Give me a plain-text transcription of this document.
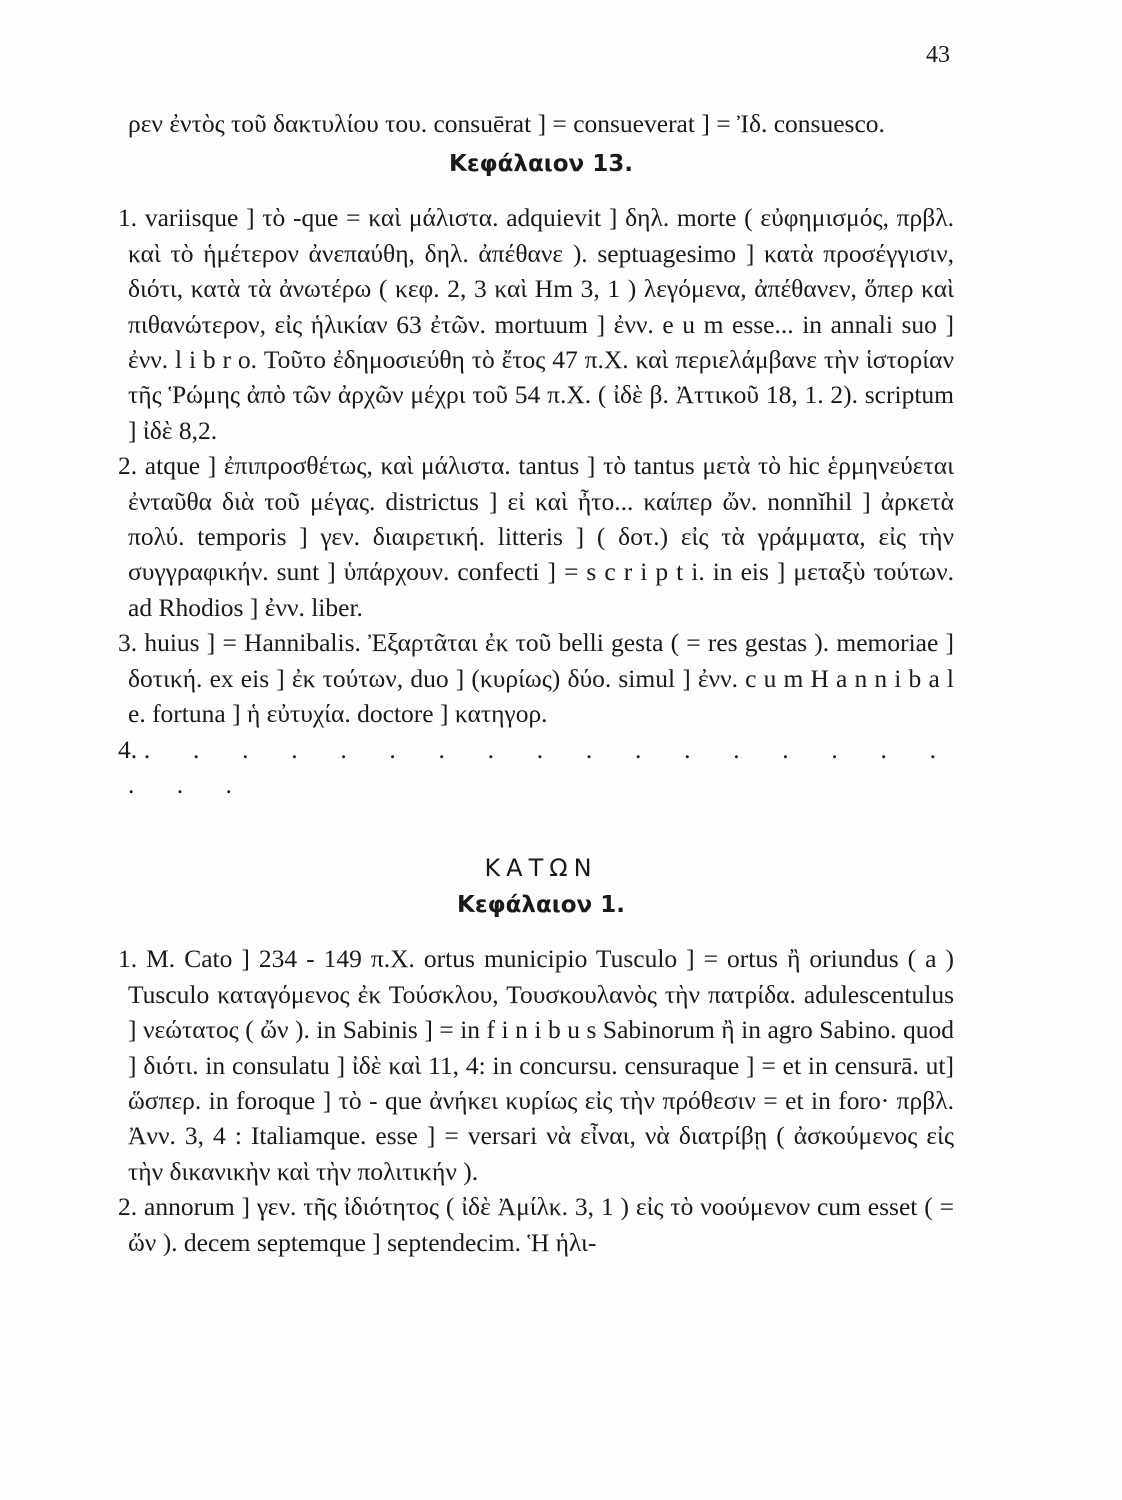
43

ρεν ἐντὸς τοῦ δακτυλίου του. consuērat ] = consueverat ] = Ἰδ. consuesco.

Κεφάλαιον 13.

1. variisque ] τὸ -que = καὶ μάλιστα. adquievit ] δηλ. morte ( εὐφημισμός, πρβλ. καὶ τὸ ἡμέτερον ἀνεπαύθη, δηλ. ἀπέθανε ). septuagesimo ] κατὰ προσέγγισιν, διότι, κατὰ τὰ ἀνωτέρω ( κεφ. 2, 3 καὶ Hm 3, 1 ) λεγόμενα, ἀπέθανεν, ὅπερ καὶ πιθανώτερον, εἰς ἡλικίαν 63 ἐτῶν. mortuum ] ἐνν. e u m esse... in annali suo ] ἐνν. l i b r o. Τοῦτο ἐδημοσιεύθη τὸ ἔτος 47 π.Χ. καὶ περιελάμβανε τὴν ἱστορίαν τῆς Ῥώμης ἀπὸ τῶν ἀρχῶν μέχρι τοῦ 54 π.Χ. ( ἰδὲ β. Ἀττικοῦ 18, 1. 2). scriptum ] ἰδὲ 8,2.

2. atque ] ἐπιπροσθέτως, καὶ μάλιστα. tantus ] τὸ tantus μετὰ τὸ hic ἑρμηνεύεται ἐνταῦθα διὰ τοῦ μέγας. districtus ] εἰ καὶ ἦτο... καίπερ ὤν. nonnĭhil ] ἀρκετὰ πολύ. temporis ] γεν. διαιρετική. litteris ] ( δοτ.) εἰς τὰ γράμματα, εἰς τὴν συγγραφικήν. sunt ] ὑπάρχουν. confecti ] = s c r i p t i. in eis ] μεταξὺ τούτων. ad Rhodios ] ἐνν. liber.

3. huius ] = Hannibalis. Ἐξαρτᾶται ἐκ τοῦ belli gesta ( = res gestas ). memoriae ] δοτική. ex eis ] ἐκ τούτων, duo ] (κυρίως) δύο. simul ] ἐνν. c u m H a n n i b a l e. fortuna ] ἡ εὐτυχία. doctore ] κατηγορ.

4. . . . . . . . . . . . . . . . . . . . .

ΚΑΤΩΝ
Κεφάλαιον 1.

1. M. Cato ] 234 - 149 π.Χ. ortus municipio Tusculo ] = ortus ἢ oriundus ( a ) Tusculo καταγόμενος ἐκ Τούσκλου, Τουσκουλανὸς τὴν πατρίδα. adulescentulus ] νεώτατος ( ὤν ). in Sabinis ] = in f i n i b u s Sabinorum ἢ in agro Sabino. quod ] διότι. in consulatu ] ἰδὲ καὶ 11, 4: in concursu. censuraque ] = et in censurā. ut] ὥσπερ. in foroque ] τὸ - que ἀνήκει κυρίως εἰς τὴν πρόθεσιν = et in foro· πρβλ. Ἀνν. 3, 4 : Italiamque. esse ] = versari νὰ εἶναι, νὰ διατρίβῃ ( ἀσκούμενος εἰς τὴν δικανικὴν καὶ τὴν πολιτικήν ).

2. annorum ] γεν. τῆς ἰδιότητος ( ἰδὲ Ἀμίλκ. 3, 1 ) εἰς τὸ νοούμενον cum esset ( = ὤν ). decem septemque ] septendecim. Ἡ ἡλι-
